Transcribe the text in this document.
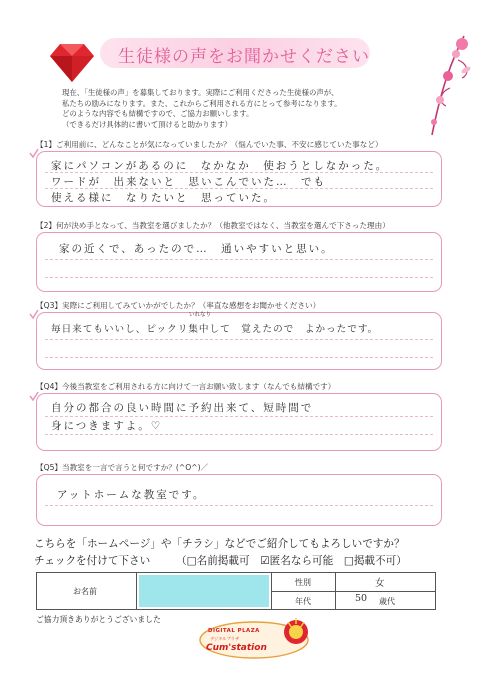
生徒様の声をお聞かせください
現在、「生徒様の声」を募集しております。実際にご利用くださった生徒様の声が、
私たちの励みになります。また、これからご利用される方にとって参考になります。
どのような内容でも結構ですので、ご協力お願いします。
（できるだけ具体的に書いて頂けると助かります）
【1】ご利用前に、どんなことが気になっていましたか？（悩んでいた事、不安に感じていた事など）
家にパソコンがあるのに　なかなか　使おうとしなかった。
ワードが　出来ないと　思いこんでいた…　でも
使える様に　なりたいと　思っていた。
【2】何が決め手となって、当教室を選びましたか？（他教室ではなく、当教室を選んで下さった理由）
家の近くで、あったので…　通いやすいと思い。
【Q3】実際にご利用してみていかがでしたか？（率直な感想をお聞かせください）
毎日来てもいいし、ピックリ集中して　覚えたので　よかったです。
いれなり
【Q4】今後当教室をご利用される方に向けて一言お願い致します（なんでも結構です）
自分の都合の良い時間に予約出来て、短時間で
身につきますよ。♡
【Q5】当教室を一言で言うと何ですか？(^O^)／
アットホームな教室です。
こちらを「ホームページ」や「チラシ」などでご紹介してもよろしいですか？
チェックを付けて下さい （□名前掲載可　☑匿名なら可能　□掲載不可）
お名前
性別	女
年代	50 歳代
ご協力頂きありがとうございました
DIGITAL PLAZA
デジタルプラザ
Cum'station
